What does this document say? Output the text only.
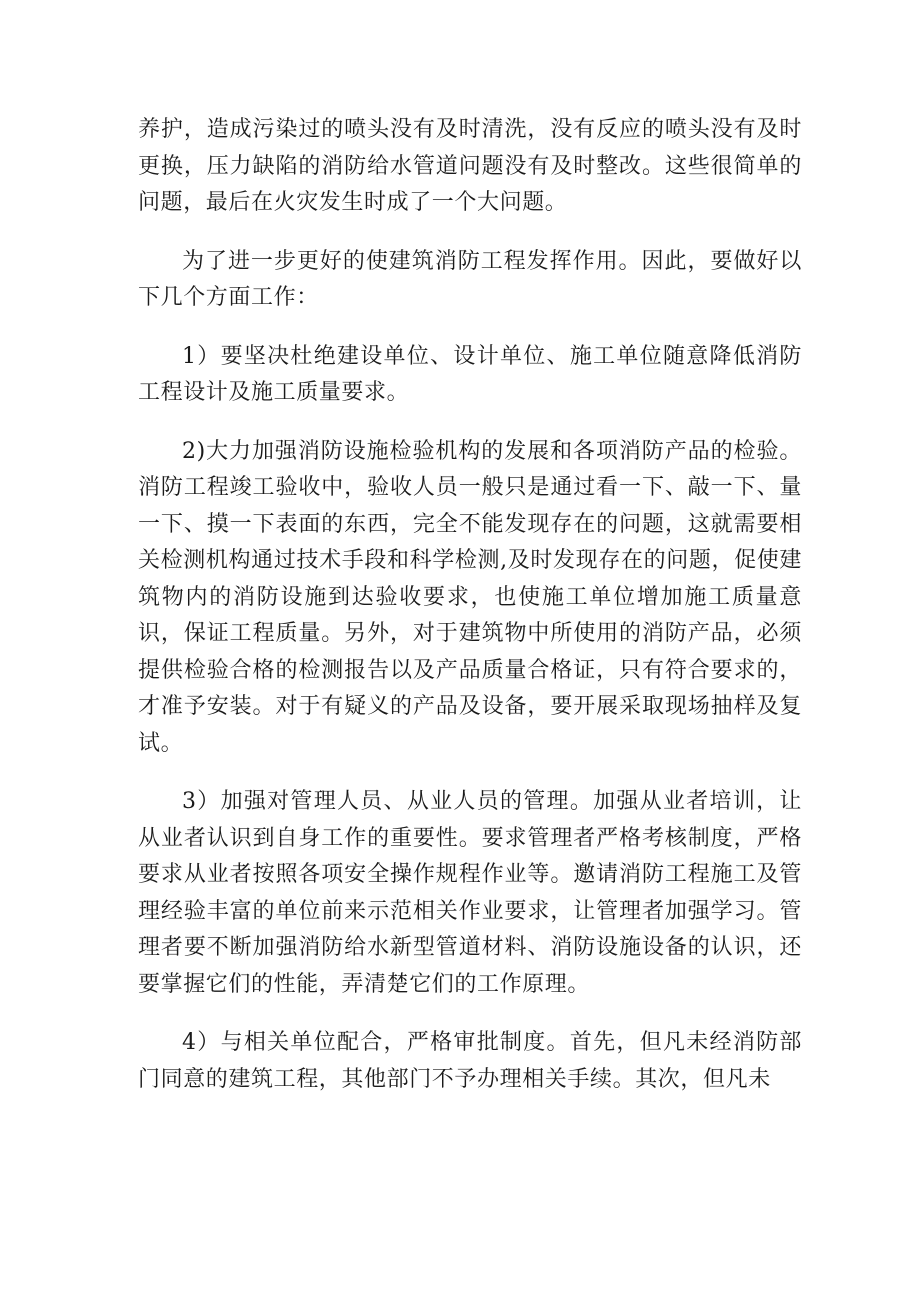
养护，造成污染过的喷头没有及时清洗，没有反应的喷头没有及时更换，压力缺陷的消防给水管道问题没有及时整改。这些很简单的问题，最后在火灾发生时成了一个大问题。

为了进一步更好的使建筑消防工程发挥作用。因此，要做好以下几个方面工作：

1）要坚决杜绝建设单位、设计单位、施工单位随意降低消防工程设计及施工质量要求。

2)大力加强消防设施检验机构的发展和各项消防产品的检验。消防工程竣工验收中，验收人员一般只是通过看一下、敲一下、量一下、摸一下表面的东西，完全不能发现存在的问题，这就需要相关检测机构通过技术手段和科学检测,及时发现存在的问题，促使建筑物内的消防设施到达验收要求，也使施工单位增加施工质量意识，保证工程质量。另外，对于建筑物中所使用的消防产品，必须提供检验合格的检测报告以及产品质量合格证，只有符合要求的，才准予安装。对于有疑义的产品及设备，要开展采取现场抽样及复试。

3）加强对管理人员、从业人员的管理。加强从业者培训，让从业者认识到自身工作的重要性。要求管理者严格考核制度，严格要求从业者按照各项安全操作规程作业等。邀请消防工程施工及管理经验丰富的单位前来示范相关作业要求，让管理者加强学习。管理者要不断加强消防给水新型管道材料、消防设施设备的认识，还要掌握它们的性能，弄清楚它们的工作原理。

4）与相关单位配合，严格审批制度。首先，但凡未经消防部门同意的建筑工程，其他部门不予办理相关手续。其次，但凡未
